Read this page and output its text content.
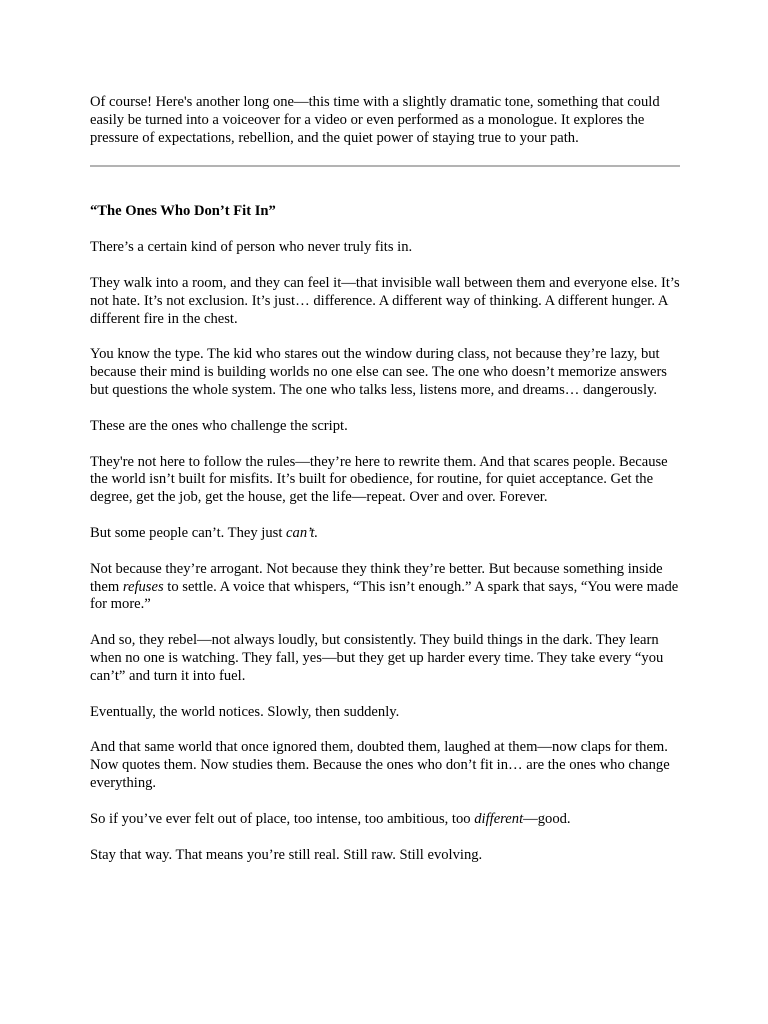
Of course! Here's another long one—this time with a slightly dramatic tone, something that could easily be turned into a voiceover for a video or even performed as a monologue. It explores the pressure of expectations, rebellion, and the quiet power of staying true to your path.

“The Ones Who Don’t Fit In”

There’s a certain kind of person who never truly fits in.

They walk into a room, and they can feel it—that invisible wall between them and everyone else. It’s not hate. It’s not exclusion. It’s just… difference. A different way of thinking. A different hunger. A different fire in the chest.

You know the type. The kid who stares out the window during class, not because they’re lazy, but because their mind is building worlds no one else can see. The one who doesn’t memorize answers but questions the whole system. The one who talks less, listens more, and dreams… dangerously.

These are the ones who challenge the script.

They're not here to follow the rules—they’re here to rewrite them. And that scares people. Because the world isn’t built for misfits. It’s built for obedience, for routine, for quiet acceptance. Get the degree, get the job, get the house, get the life—repeat. Over and over. Forever.

But some people can’t. They just can’t.

Not because they’re arrogant. Not because they think they’re better. But because something inside them refuses to settle. A voice that whispers, “This isn’t enough.” A spark that says, “You were made for more.”

And so, they rebel—not always loudly, but consistently. They build things in the dark. They learn when no one is watching. They fall, yes—but they get up harder every time. They take every “you can’t” and turn it into fuel.

Eventually, the world notices. Slowly, then suddenly.

And that same world that once ignored them, doubted them, laughed at them—now claps for them. Now quotes them. Now studies them. Because the ones who don’t fit in… are the ones who change everything.

So if you’ve ever felt out of place, too intense, too ambitious, too different—good.

Stay that way. That means you’re still real. Still raw. Still evolving.
